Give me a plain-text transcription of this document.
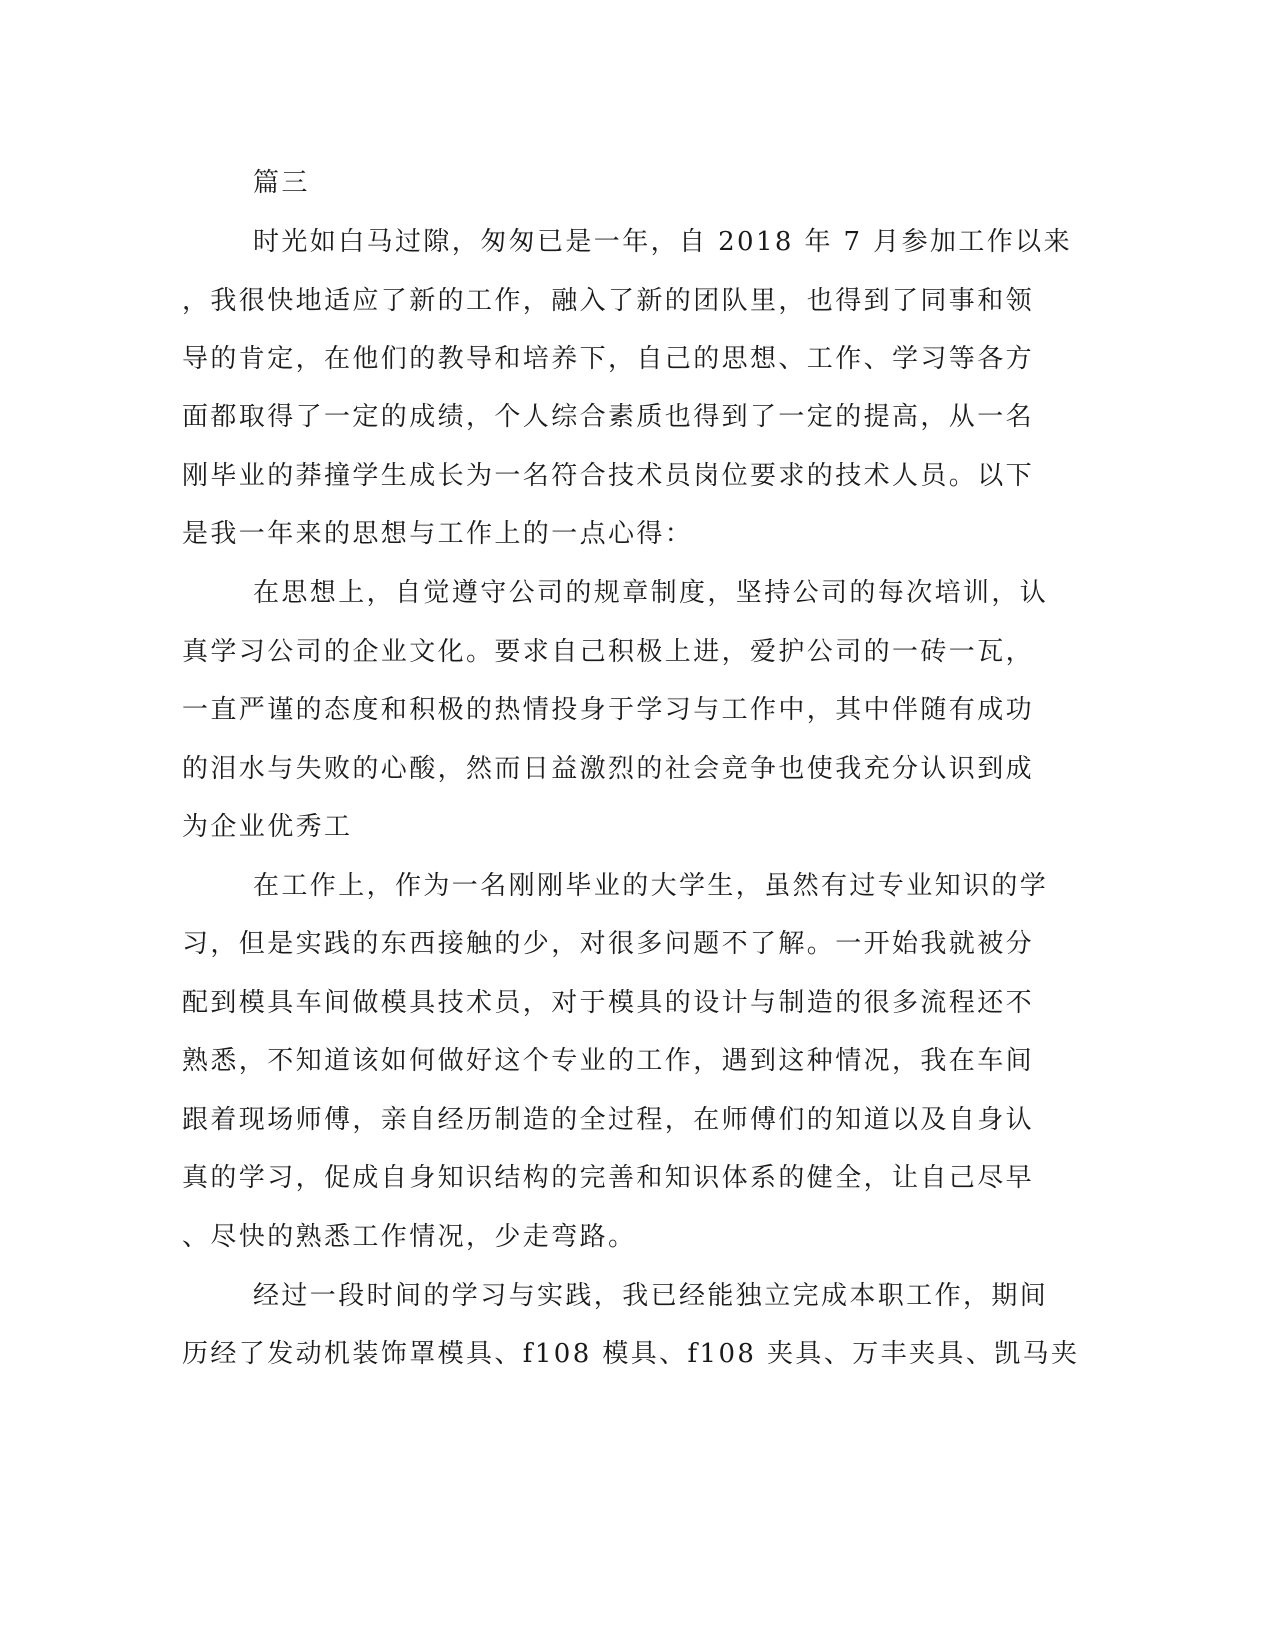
篇三
时光如白马过隙，匆匆已是一年，自 2018 年 7 月参加工作以来
，我很快地适应了新的工作，融入了新的团队里，也得到了同事和领
导的肯定，在他们的教导和培养下，自己的思想、工作、学习等各方
面都取得了一定的成绩，个人综合素质也得到了一定的提高，从一名
刚毕业的莽撞学生成长为一名符合技术员岗位要求的技术人员。以下
是我一年来的思想与工作上的一点心得：
在思想上，自觉遵守公司的规章制度，坚持公司的每次培训，认
真学习公司的企业文化。要求自己积极上进，爱护公司的一砖一瓦，
一直严谨的态度和积极的热情投身于学习与工作中，其中伴随有成功
的泪水与失败的心酸，然而日益激烈的社会竞争也使我充分认识到成
为企业优秀工
在工作上，作为一名刚刚毕业的大学生，虽然有过专业知识的学
习，但是实践的东西接触的少，对很多问题不了解。一开始我就被分
配到模具车间做模具技术员，对于模具的设计与制造的很多流程还不
熟悉，不知道该如何做好这个专业的工作，遇到这种情况，我在车间
跟着现场师傅，亲自经历制造的全过程，在师傅们的知道以及自身认
真的学习，促成自身知识结构的完善和知识体系的健全，让自己尽早
、尽快的熟悉工作情况，少走弯路。
经过一段时间的学习与实践，我已经能独立完成本职工作，期间
历经了发动机装饰罩模具、f108 模具、f108 夹具、万丰夹具、凯马夹
